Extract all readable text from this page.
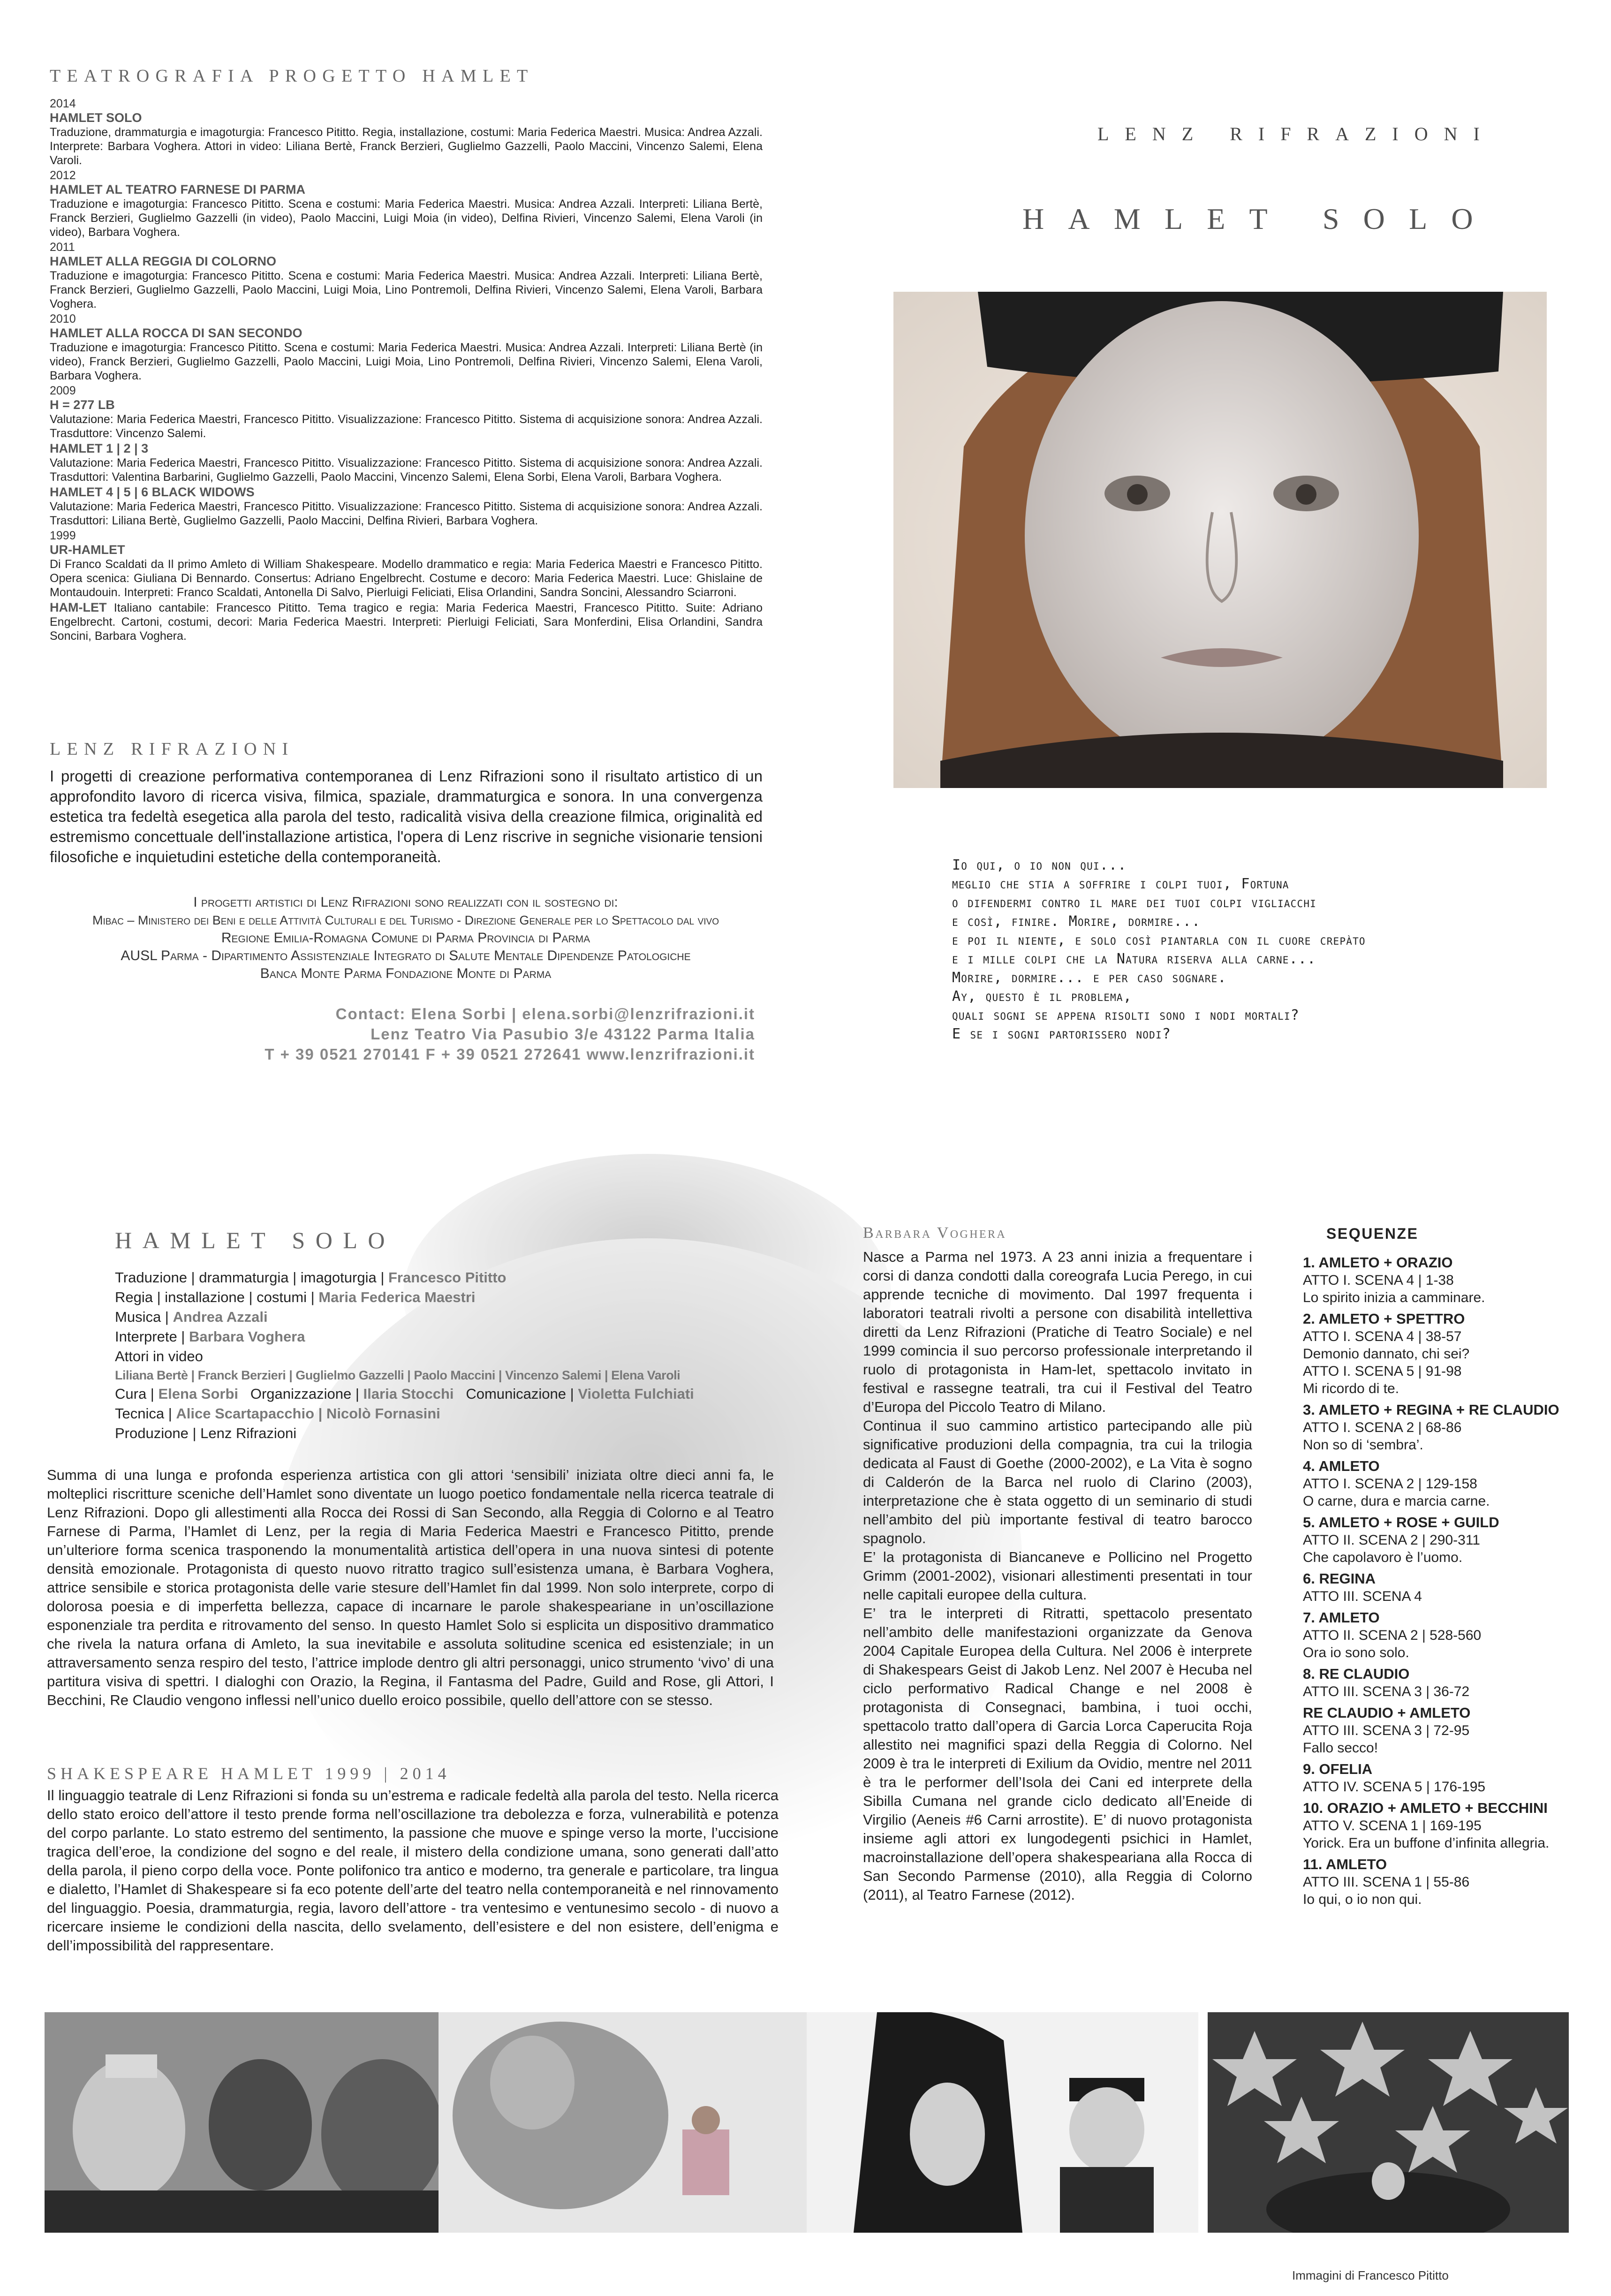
TEATROGRAFIA PROGETTO HAMLET
2014
HAMLET SOLO
Traduzione, drammaturgia e imagoturgia: Francesco Pititto. Regia, installazione, costumi: Maria Federica Maestri. Musica: Andrea Azzali. Interprete: Barbara Voghera. Attori in video: Liliana Bertè, Franck Berzieri, Guglielmo Gazzelli, Paolo Maccini, Vincenzo Salemi, Elena Varoli.
2012
HAMLET AL TEATRO FARNESE DI PARMA
Traduzione e imagoturgia: Francesco Pititto. Scena e costumi: Maria Federica Maestri. Musica: Andrea Azzali. Interpreti: Liliana Bertè, Franck Berzieri, Guglielmo Gazzelli (in video), Paolo Maccini, Luigi Moia (in video), Delfina Rivieri, Vincenzo Salemi, Elena Varoli (in video), Barbara Voghera.
2011
HAMLET ALLA REGGIA DI COLORNO
Traduzione e imagoturgia: Francesco Pititto. Scena e costumi: Maria Federica Maestri. Musica: Andrea Azzali. Interpreti: Liliana Bertè, Franck Berzieri, Guglielmo Gazzelli, Paolo Maccini, Luigi Moia, Lino Pontremoli, Delfina Rivieri, Vincenzo Salemi, Elena Varoli, Barbara Voghera.
2010
HAMLET ALLA ROCCA DI SAN SECONDO
Traduzione e imagoturgia: Francesco Pititto. Scena e costumi: Maria Federica Maestri. Musica: Andrea Azzali. Interpreti: Liliana Bertè (in video), Franck Berzieri, Guglielmo Gazzelli, Paolo Maccini, Luigi Moia, Lino Pontremoli, Delfina Rivieri, Vincenzo Salemi, Elena Varoli, Barbara Voghera.
2009
H = 277 LB
Valutazione: Maria Federica Maestri, Francesco Pititto. Visualizzazione: Francesco Pititto. Sistema di acquisizione sonora: Andrea Azzali. Trasduttore: Vincenzo Salemi.
HAMLET 1 | 2 | 3
Valutazione: Maria Federica Maestri, Francesco Pititto. Visualizzazione: Francesco Pititto. Sistema di acquisizione sonora: Andrea Azzali. Trasduttori: Valentina Barbarini, Guglielmo Gazzelli, Paolo Maccini, Vincenzo Salemi, Elena Sorbi, Elena Varoli, Barbara Voghera.
HAMLET 4 | 5 | 6 BLACK WIDOWS
Valutazione: Maria Federica Maestri, Francesco Pititto. Visualizzazione: Francesco Pititto. Sistema di acquisizione sonora: Andrea Azzali. Trasduttori: Liliana Bertè, Guglielmo Gazzelli, Paolo Maccini, Delfina Rivieri, Barbara Voghera.
1999
UR-HAMLET
Di Franco Scaldati da Il primo Amleto di William Shakespeare. Modello drammatico e regia: Maria Federica Maestri e Francesco Pititto. Opera scenica: Giuliana Di Bennardo. Consertus: Adriano Engelbrecht. Costume e decoro: Maria Federica Maestri. Luce: Ghislaine de Montaudouin. Interpreti: Franco Scaldati, Antonella Di Salvo, Pierluigi Feliciati, Elisa Orlandini, Sandra Soncini, Alessandro Sciarroni.
HAM-LET Italiano cantabile: Francesco Pititto. Tema tragico e regia: Maria Federica Maestri, Francesco Pititto. Suite: Adriano Engelbrecht. Cartoni, costumi, decori: Maria Federica Maestri. Interpreti: Pierluigi Feliciati, Sara Monferdini, Elisa Orlandini, Sandra Soncini, Barbara Voghera.
LENZ RIFRAZIONI
I progetti di creazione performativa contemporanea di Lenz Rifrazioni sono il risultato artistico di un approfondito lavoro di ricerca visiva, filmica, spaziale, drammaturgica e sonora. In una convergenza estetica tra fedeltà esegetica alla parola del testo, radicalità visiva della creazione filmica, originalità ed estremismo concettuale dell'installazione artistica, l'opera di Lenz riscrive in segniche visionarie tensioni filosofiche e inquietudini estetiche della contemporaneità.
I progetti artistici di Lenz Rifrazioni sono realizzati con il sostegno di:
Mibac – Ministero dei Beni e delle Attività Culturali e del Turismo - Direzione Generale per lo Spettacolo dal vivo
Regione Emilia-Romagna Comune di Parma Provincia di Parma
AUSL Parma - Dipartimento Assistenziale Integrato di Salute Mentale Dipendenze Patologiche
Banca Monte Parma Fondazione Monte di Parma
Contact: Elena Sorbi | elena.sorbi@lenzrifrazioni.it
Lenz Teatro Via Pasubio 3/e 43122 Parma Italia
T + 39 0521 270141 F + 39 0521 272641 www.lenzrifrazioni.it
LENZ RIFRAZIONI
HAMLET SOLO
Io qui, o io non qui...
meglio che stia a soffrire i colpi tuoi, Fortuna
o difendermi contro il mare dei tuoi colpi vigliacchi
e così, finire. Morire, dormire...
e poi il niente, e solo così piantarla con il cuore crepàto
e i mille colpi che la Natura riserva alla carne...
Morire, dormire... e per caso sognare.
Ay, questo è il problema,
quali sogni se appena risolti sono i nodi mortali?
E se i sogni partorissero nodi?
HAMLET SOLO
Traduzione | drammaturgia | imagoturgia | Francesco Pititto
Regia | installazione | costumi | Maria Federica Maestri
Musica | Andrea Azzali
Interprete | Barbara Voghera
Attori in video
Liliana Bertè | Franck Berzieri | Guglielmo Gazzelli | Paolo Maccini | Vincenzo Salemi | Elena Varoli
Cura | Elena Sorbi   Organizzazione | Ilaria Stocchi   Comunicazione | Violetta Fulchiati
Tecnica | Alice Scartapacchio | Nicolò Fornasini
Produzione | Lenz Rifrazioni
Summa di una lunga e profonda esperienza artistica con gli attori ‘sensibili’ iniziata oltre dieci anni fa, le molteplici riscritture sceniche dell’Hamlet sono diventate un luogo poetico fondamentale nella ricerca teatrale di Lenz Rifrazioni. Dopo gli allestimenti alla Rocca dei Rossi di San Secondo, alla Reggia di Colorno e al Teatro Farnese di Parma, l’Hamlet di Lenz, per la regia di Maria Federica Maestri e Francesco Pititto, prende un’ulteriore forma scenica trasponendo la monumentalità artistica dell’opera in una nuova sintesi di potente densità emozionale. Protagonista di questo nuovo ritratto tragico sull’esistenza umana, è Barbara Voghera, attrice sensibile e storica protagonista delle varie stesure dell’Hamlet fin dal 1999. Non solo interprete, corpo di dolorosa poesia e di imperfetta bellezza, capace di incarnare le parole shakespeariane in un’oscillazione esponenziale tra perdita e ritrovamento del senso. In questo Hamlet Solo si esplicita un dispositivo drammatico che rivela la natura orfana di Amleto, la sua inevitabile e assoluta solitudine scenica ed esistenziale; in un attraversamento senza respiro del testo, l’attrice implode dentro gli altri personaggi, unico strumento ‘vivo’ di una partitura visiva di spettri. I dialoghi con Orazio, la Regina, il Fantasma del Padre, Guild and Rose, gli Attori, I Becchini, Re Claudio vengono inflessi nell’unico duello eroico possibile, quello dell’attore con se stesso.
SHAKESPEARE HAMLET 1999 | 2014
Il linguaggio teatrale di Lenz Rifrazioni si fonda su un’estrema e radicale fedeltà alla parola del testo. Nella ricerca dello stato eroico dell’attore il testo prende forma nell’oscillazione tra debolezza e forza, vulnerabilità e potenza del corpo parlante. Lo stato estremo del sentimento, la passione che muove e spinge verso la morte, l’uccisione tragica dell’eroe, la condizione del sogno e del reale, il mistero della condizione umana, sono generati dall’atto della parola, il pieno corpo della voce. Ponte polifonico tra antico e moderno, tra generale e particolare, tra lingua e dialetto, l’Hamlet di Shakespeare si fa eco potente dell’arte del teatro nella contemporaneità e nel rinnovamento del linguaggio. Poesia, drammaturgia, regia, lavoro dell’attore - tra ventesimo e ventunesimo secolo - di nuovo a ricercare insieme le condizioni della nascita, dello svelamento, dell’esistere e del non esistere, dell’enigma e dell’impossibilità del rappresentare.
Barbara Voghera
Nasce a Parma nel 1973. A 23 anni inizia a frequentare i corsi di danza condotti dalla coreografa Lucia Perego, in cui apprende tecniche di movimento. Dal 1997 frequenta i laboratori teatrali rivolti a persone con disabilità intellettiva diretti da Lenz Rifrazioni (Pratiche di Teatro Sociale) e nel 1999 comincia il suo percorso professionale interpretando il ruolo di protagonista in Ham-let, spettacolo invitato in festival e rassegne teatrali, tra cui il Festival del Teatro d’Europa del Piccolo Teatro di Milano.
Continua il suo cammino artistico partecipando alle più significative produzioni della compagnia, tra cui la trilogia dedicata al Faust di Goethe (2000-2002), e La Vita è sogno di Calderón de la Barca nel ruolo di Clarino (2003), interpretazione che è stata oggetto di un seminario di studi nell’ambito del più importante festival di teatro barocco spagnolo.
E’ la protagonista di Biancaneve e Pollicino nel Progetto Grimm (2001-2002), visionari allestimenti presentati in tour nelle capitali europee della cultura.
E’ tra le interpreti di Ritratti, spettacolo presentato nell’ambito delle manifestazioni organizzate da Genova 2004 Capitale Europea della Cultura. Nel 2006 è interprete di Shakespears Geist di Jakob Lenz. Nel 2007 è Hecuba nel ciclo performativo Radical Change e nel 2008 è protagonista di Consegnaci, bambina, i tuoi occhi, spettacolo tratto dall’opera di Garcia Lorca Caperucita Roja allestito nei magnifici spazi della Reggia di Colorno. Nel 2009 è tra le interpreti di Exilium da Ovidio, mentre nel 2011 è tra le performer dell’Isola dei Cani ed interprete della Sibilla Cumana nel grande ciclo dedicato all’Eneide di Virgilio (Aeneis #6 Carni arrostite). E’ di nuovo protagonista insieme agli attori ex lungodegenti psichici in Hamlet, macroinstallazione dell’opera shakespeariana alla Rocca di San Secondo Parmense (2010), alla Reggia di Colorno (2011), al Teatro Farnese (2012).
SEQUENZE
1. AMLETO + ORAZIO
ATTO I. SCENA 4 | 1-38
Lo spirito inizia a camminare.
2. AMLETO + SPETTRO
ATTO I. SCENA 4 | 38-57
Demonio dannato, chi sei?
ATTO I. SCENA 5 | 91-98
Mi ricordo di te.
3. AMLETO + REGINA + RE CLAUDIO
ATTO I. SCENA 2 | 68-86
Non so di ‘sembra’.
4. AMLETO
ATTO I. SCENA 2 | 129-158
O carne, dura e marcia carne.
5. AMLETO + ROSE + GUILD
ATTO II. SCENA 2 | 290-311
Che capolavoro è l’uomo.
6. REGINA
ATTO III. SCENA 4
7. AMLETO
ATTO II. SCENA 2 | 528-560
Ora io sono solo.
8. RE CLAUDIO
ATTO III. SCENA 3 | 36-72
RE CLAUDIO + AMLETO
ATTO III. SCENA 3 | 72-95
Fallo secco!
9. OFELIA
ATTO IV. SCENA 5 | 176-195
10. ORAZIO + AMLETO + BECCHINI
ATTO V. SCENA 1 | 169-195
Yorick. Era un buffone d’infinita allegria.
11. AMLETO
ATTO III. SCENA 1 | 55-86
Io qui, o io non qui.
Immagini di Francesco Pititto
